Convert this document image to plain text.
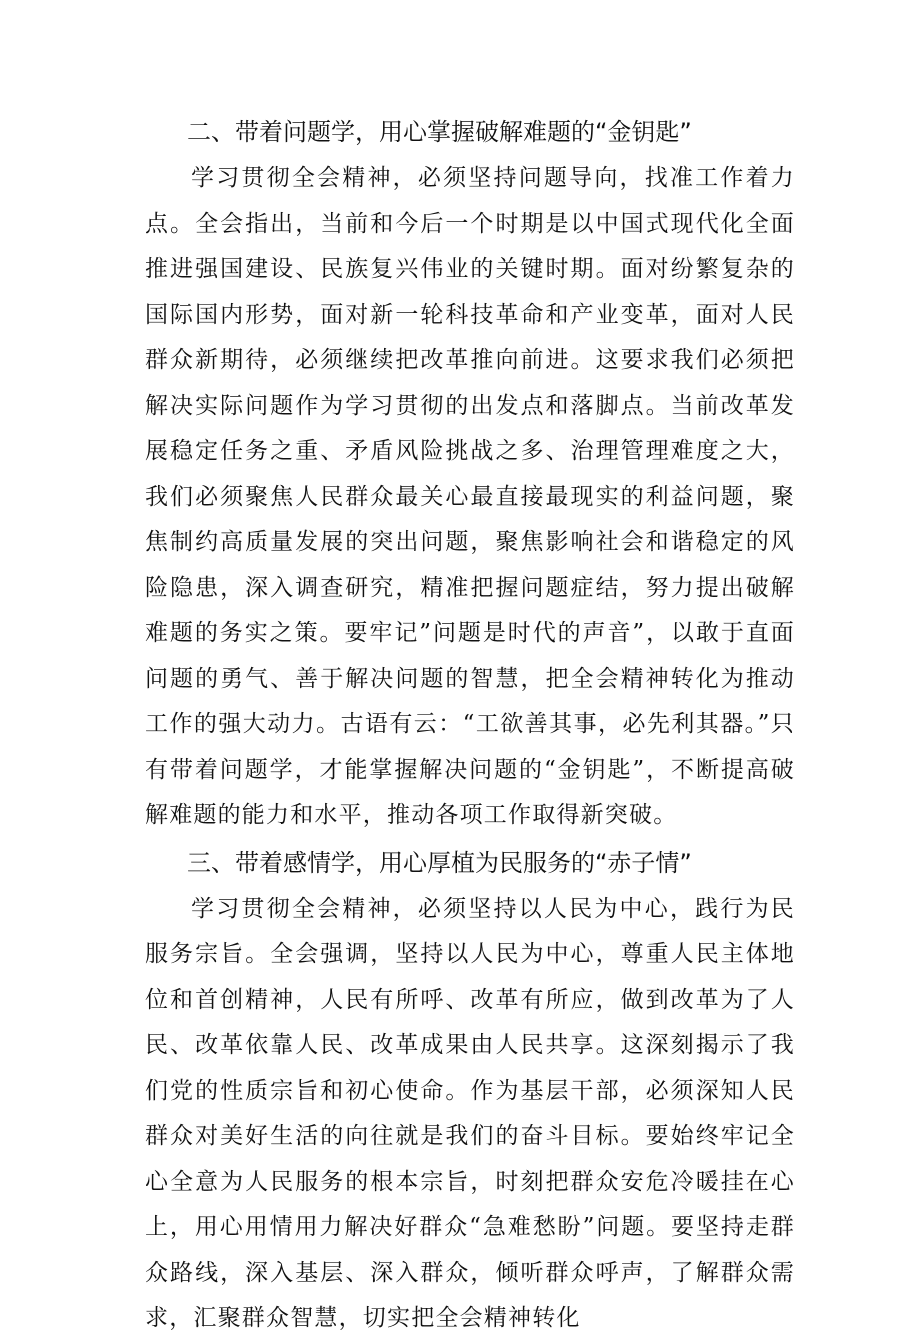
二、带着问题学，用心掌握破解难题的“金钥匙”

学习贯彻全会精神，必须坚持问题导向，找准工作着力点。全会指出，当前和今后一个时期是以中国式现代化全面推进强国建设、民族复兴伟业的关键时期。面对纷繁复杂的国际国内形势，面对新一轮科技革命和产业变革，面对人民群众新期待，必须继续把改革推向前进。这要求我们必须把解决实际问题作为学习贯彻的出发点和落脚点。当前改革发展稳定任务之重、矛盾风险挑战之多、治理管理难度之大，我们必须聚焦人民群众最关心最直接最现实的利益问题，聚焦制约高质量发展的突出问题，聚焦影响社会和谐稳定的风险隐患，深入调查研究，精准把握问题症结，努力提出破解难题的务实之策。要牢记”问题是时代的声音”，以敢于直面问题的勇气、善于解决问题的智慧，把全会精神转化为推动工作的强大动力。古语有云：“工欲善其事，必先利其器。”只有带着问题学，才能掌握解决问题的“金钥匙”，不断提高破解难题的能力和水平，推动各项工作取得新突破。

三、带着感情学，用心厚植为民服务的“赤子情”

学习贯彻全会精神，必须坚持以人民为中心，践行为民服务宗旨。全会强调，坚持以人民为中心，尊重人民主体地位和首创精神，人民有所呼、改革有所应，做到改革为了人民、改革依靠人民、改革成果由人民共享。这深刻揭示了我们党的性质宗旨和初心使命。作为基层干部，必须深知人民群众对美好生活的向往就是我们的奋斗目标。要始终牢记全心全意为人民服务的根本宗旨，时刻把群众安危冷暖挂在心上，用心用情用力解决好群众“急难愁盼”问题。要坚持走群众路线，深入基层、深入群众，倾听群众呼声，了解群众需求，汇聚群众智慧，切实把全会精神转化
